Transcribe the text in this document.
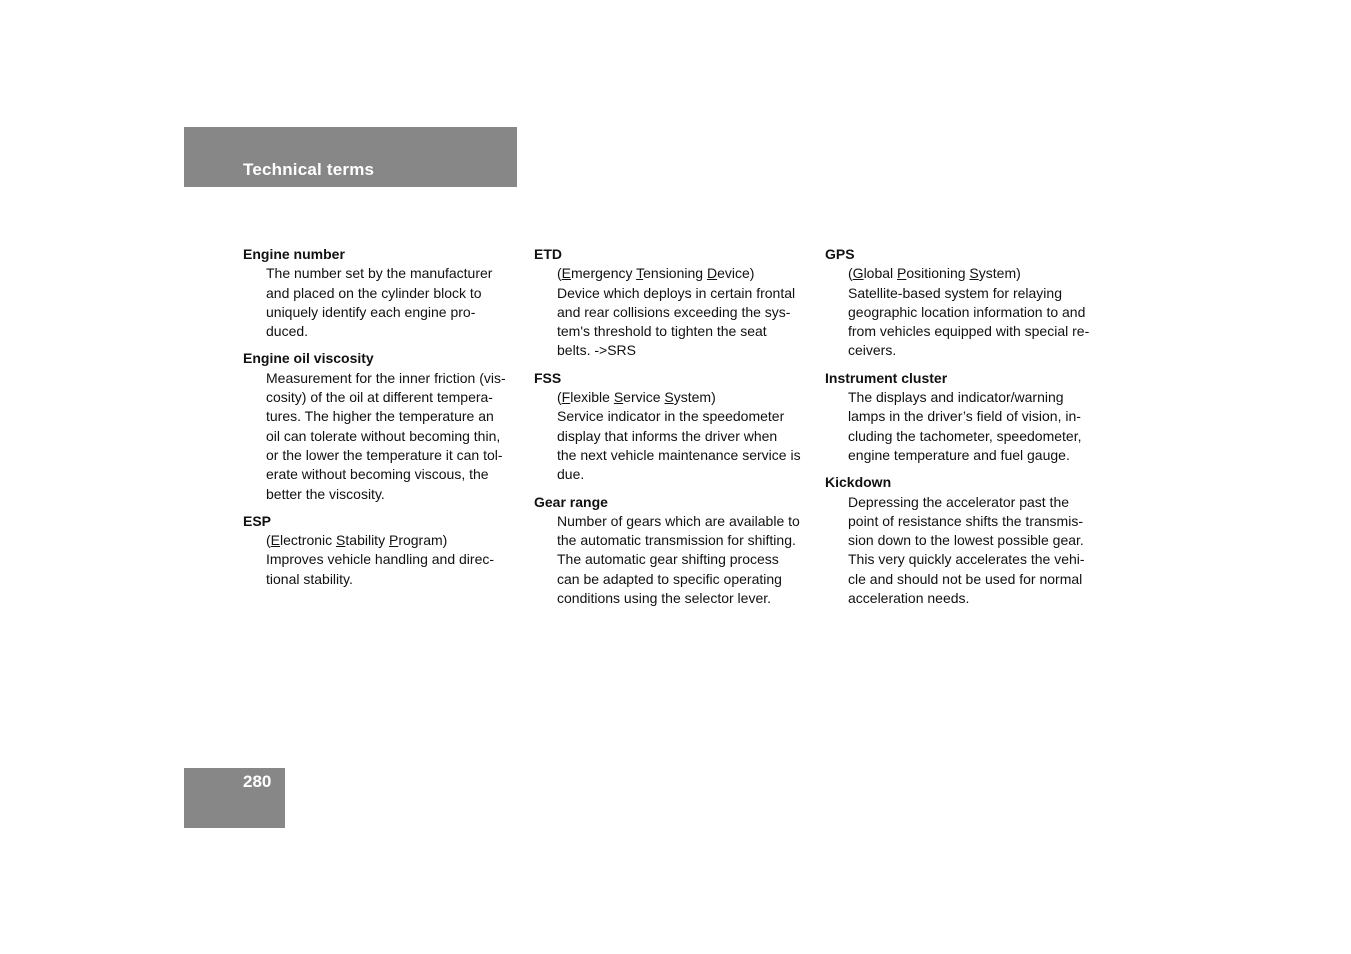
Technical terms
280
Engine number
The number set by the manufacturer
and placed on the cylinder block to
uniquely identify each engine pro-
duced.
Engine oil viscosity
Measurement for the inner friction (vis-
cosity) of the oil at different tempera-
tures. The higher the temperature an
oil can tolerate without becoming thin,
or the lower the temperature it can tol-
erate without becoming viscous, the
better the viscosity.
ESP
(Electronic Stability Program)
Improves vehicle handling and direc-
tional stability.
ETD
(Emergency Tensioning Device)
Device which deploys in certain frontal
and rear collisions exceeding the sys-
tem's threshold to tighten the seat
belts. ->SRS
FSS
(Flexible Service System)
Service indicator in the speedometer
display that informs the driver when
the next vehicle maintenance service is
due.
Gear range
Number of gears which are available to
the automatic transmission for shifting.
The automatic gear shifting process
can be adapted to specific operating
conditions using the selector lever.
GPS
(Global Positioning System)
Satellite-based system for relaying
geographic location information to and
from vehicles equipped with special re-
ceivers.
Instrument cluster
The displays and indicator/warning
lamps in the driver’s field of vision, in-
cluding the tachometer, speedometer,
engine temperature and fuel gauge.
Kickdown
Depressing the accelerator past the
point of resistance shifts the transmis-
sion down to the lowest possible gear.
This very quickly accelerates the vehi-
cle and should not be used for normal
acceleration needs.
